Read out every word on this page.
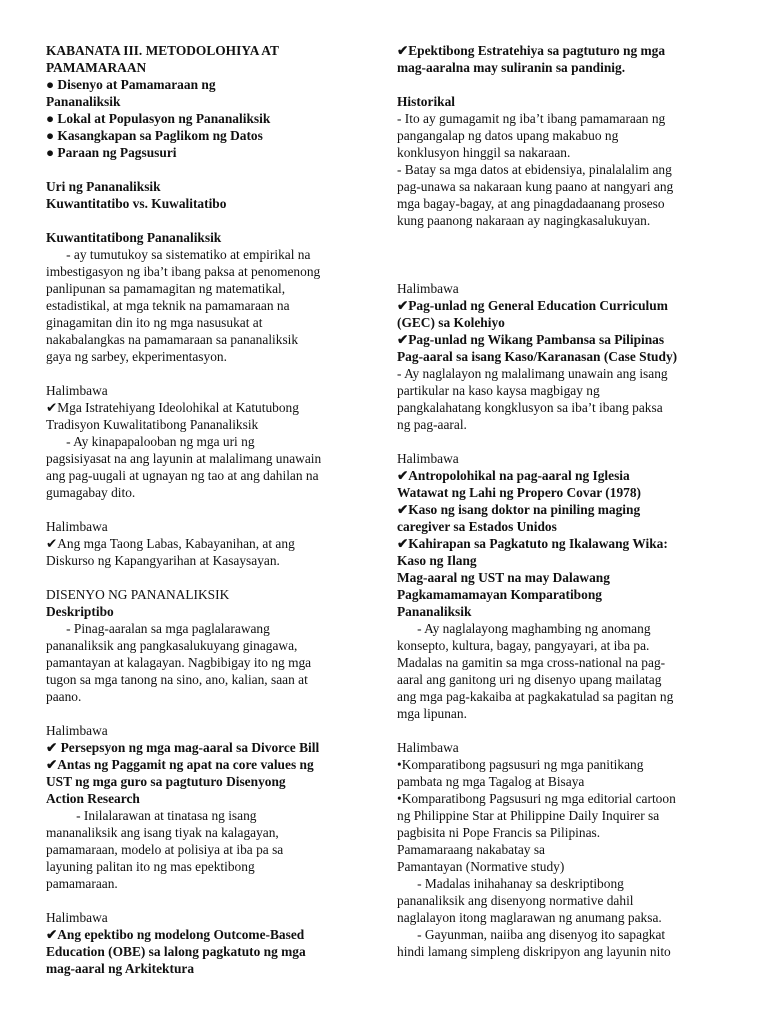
KABANATA III. METODOLOHIYA AT
PAMAMARAAN
● Disenyo at Pamamaraan ng
Pananaliksik
● Lokal at Populasyon ng Pananaliksik
● Kasangkapan sa Paglikom ng Datos
● Paraan ng Pagsusuri
Uri ng Pananaliksik
Kuwantitatibo vs. Kuwalitatibo
Kuwantitatibong Pananaliksik
- ay tumutukoy sa sistematiko at empirikal na
imbestigasyon ng iba’t ibang paksa at penomenong
panlipunan sa pamamagitan ng matematikal,
estadistikal, at mga teknik na pamamaraan na
ginagamitan din ito ng mga nasusukat at
nakabalangkas na pamamaraan sa pananaliksik
gaya ng sarbey, ekperimentasyon.
Halimbawa
✔Mga Istratehiyang Ideolohikal at Katutubong
Tradisyon Kuwalitatibong Pananaliksik
- Ay kinapapalooban ng mga uri ng
pagsisiyasat na ang layunin at malalimang unawain
ang pag-uugali at ugnayan ng tao at ang dahilan na
gumagabay dito.
Halimbawa
✔Ang mga Taong Labas, Kabayanihan, at ang
Diskurso ng Kapangyarihan at Kasaysayan.
DISENYO NG PANANALIKSIK
Deskriptibo
- Pinag-aaralan sa mga paglalarawang
pananaliksik ang pangkasalukuyang ginagawa,
pamantayan at kalagayan. Nagbibigay ito ng mga
tugon sa mga tanong na sino, ano, kalian, saan at
paano.
Halimbawa
✔ Persepsyon ng mga mag-aaral sa Divorce Bill
✔Antas ng Paggamit ng apat na core values ng
UST ng mga guro sa pagtuturo Disenyong
Action Research
- Inilalarawan at tinatasa ng isang
mananaliksik ang isang tiyak na kalagayan,
pamamaraan, modelo at polisiya at iba pa sa
layuning palitan ito ng mas epektibong
pamamaraan.
Halimbawa
✔Ang epektibo ng modelong Outcome-Based
Education (OBE) sa lalong pagkatuto ng mga
mag-aaral ng Arkitektura
✔Epektibong Estratehiya sa pagtuturo ng mga
mag-aaralna may suliranin sa pandinig.
Historikal
- Ito ay gumagamit ng iba’t ibang pamamaraan ng
pangangalap ng datos upang makabuo ng
konklusyon hinggil sa nakaraan.
- Batay sa mga datos at ebidensiya, pinalalalim ang
pag-unawa sa nakaraan kung paano at nangyari ang
mga bagay-bagay, at ang pinagdadaanang proseso
kung paanong nakaraan ay nagingkasalukuyan.
Halimbawa
✔Pag-unlad ng General Education Curriculum
(GEC) sa Kolehiyo
✔Pag-unlad ng Wikang Pambansa sa Pilipinas
Pag-aaral sa isang Kaso/Karanasan (Case Study)
- Ay naglalayon ng malalimang unawain ang isang
partikular na kaso kaysa magbigay ng
pangkalahatang kongklusyon sa iba’t ibang paksa
ng pag-aaral.
Halimbawa
✔Antropolohikal na pag-aaral ng Iglesia
Watawat ng Lahi ng Propero Covar (1978)
✔Kaso ng isang doktor na piniling maging
caregiver sa Estados Unidos
✔Kahirapan sa Pagkatuto ng Ikalawang Wika:
Kaso ng Ilang
Mag-aaral ng UST na may Dalawang
Pagkamamamayan Komparatibong
Pananaliksik
- Ay naglalayong maghambing ng anomang
konsepto, kultura, bagay, pangyayari, at iba pa.
Madalas na gamitin sa mga cross-national na pag-
aaral ang ganitong uri ng disenyo upang mailatag
ang mga pag-kakaiba at pagkakatulad sa pagitan ng
mga lipunan.
Halimbawa
•Komparatibong pagsusuri ng mga panitikang
pambata ng mga Tagalog at Bisaya
•Komparatibong Pagsusuri ng mga editorial cartoon
ng Philippine Star at Philippine Daily Inquirer sa
pagbisita ni Pope Francis sa Pilipinas.
Pamamaraang nakabatay sa
Pamantayan (Normative study)
- Madalas inihahanay sa deskriptibong
pananaliksik ang disenyong normative dahil
naglalayon itong maglarawan ng anumang paksa.
- Gayunman, naiiba ang disenyog ito sapagkat
hindi lamang simpleng diskripyon ang layunin nito
